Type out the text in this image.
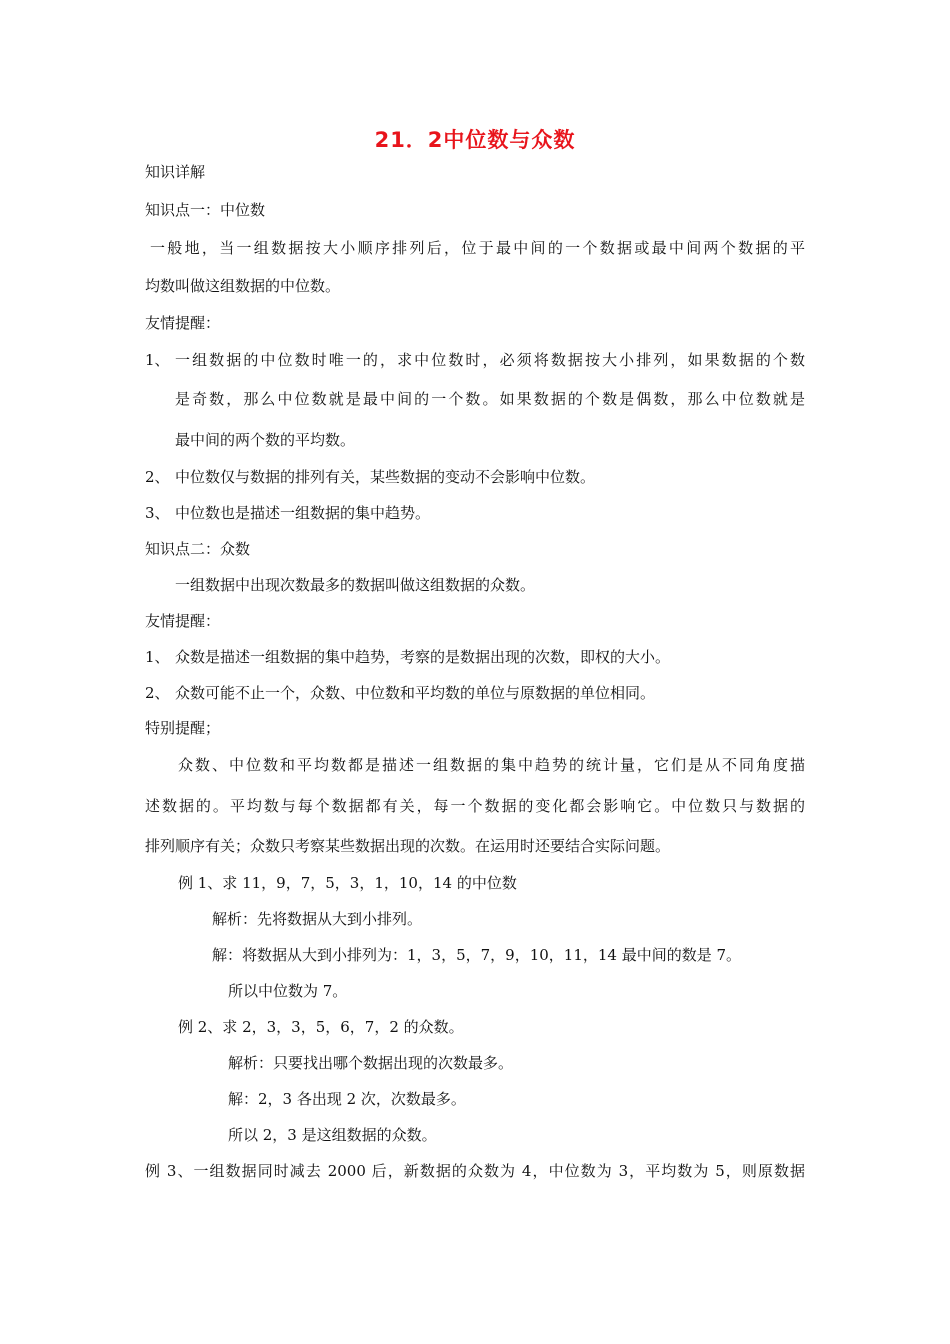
21．2中位数与众数
知识详解
知识点一：中位数
一般地，当一组数据按大小顺序排列后，位于最中间的一个数据或最中间两个数据的平
均数叫做这组数据的中位数。
友情提醒：
1、 一组数据的中位数时唯一的，求中位数时，必须将数据按大小排列，如果数据的个数
是奇数，那么中位数就是最中间的一个数。如果数据的个数是偶数，那么中位数就是
最中间的两个数的平均数。
2、 中位数仅与数据的排列有关，某些数据的变动不会影响中位数。
3、 中位数也是描述一组数据的集中趋势。
知识点二：众数
一组数据中出现次数最多的数据叫做这组数据的众数。
友情提醒：
1、 众数是描述一组数据的集中趋势，考察的是数据出现的次数，即权的大小。
2、 众数可能不止一个，众数、中位数和平均数的单位与原数据的单位相同。
特别提醒；
众数、中位数和平均数都是描述一组数据的集中趋势的统计量，它们是从不同角度描
述数据的。平均数与每个数据都有关，每一个数据的变化都会影响它。中位数只与数据的
排列顺序有关；众数只考察某些数据出现的次数。在运用时还要结合实际问题。
例 1、求 11，9，7，5，3，1，10，14 的中位数
解析：先将数据从大到小排列。
解：将数据从大到小排列为：1，3，5，7，9，10，11，14 最中间的数是 7。
所以中位数为 7。
例 2、求 2，3，3，5，6，7，2 的众数。
解析：只要找出哪个数据出现的次数最多。
解：2，3 各出现 2 次，次数最多。
所以 2，3 是这组数据的众数。
例 3、一组数据同时减去 2000 后，新数据的众数为 4，中位数为 3，平均数为 5，则原数据
